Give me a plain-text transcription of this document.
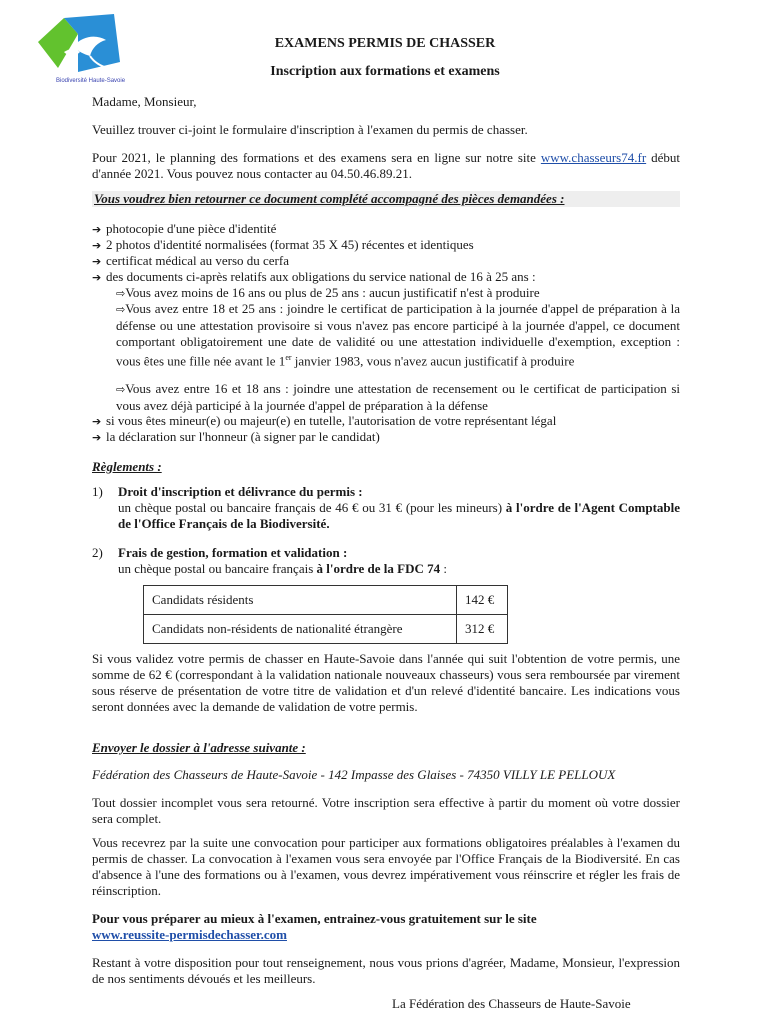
Biodiversité Haute-Savoie
EXAMENS PERMIS DE CHASSER
Inscription aux formations et examens
Madame, Monsieur,
Veuillez trouver ci-joint le formulaire d'inscription à l'examen du permis de chasser.
Pour 2021, le planning des formations et des examens sera en ligne sur notre site www.chasseurs74.fr début d'année 2021. Vous pouvez nous contacter au 04.50.46.89.21.
Vous voudrez bien retourner ce document complété accompagné des pièces demandées :
➔ photocopie d'une pièce d'identité
➔ 2 photos d'identité normalisées (format 35 X 45) récentes et identiques
➔ certificat médical au verso du cerfa
➔ des documents ci-après relatifs aux obligations du service national de 16 à 25 ans :
⇨Vous avez moins de 16 ans ou plus de 25 ans : aucun justificatif n'est à produire
⇨Vous avez entre 18 et 25 ans : joindre le certificat de participation à la journée d'appel de préparation à la défense ou une attestation provisoire si vous n'avez pas encore participé à la journée d'appel, ce document comportant obligatoirement une date de validité ou une attestation individuelle d'exemption, exception : vous êtes une fille née avant le 1er janvier 1983, vous n'avez aucun justificatif à produire
⇨Vous avez entre 16 et 18 ans : joindre une attestation de recensement ou le certificat de participation si vous avez déjà participé à la journée d'appel de préparation à la défense
➔ si vous êtes mineur(e) ou majeur(e) en tutelle, l'autorisation de votre représentant légal
➔ la déclaration sur l'honneur (à signer par le candidat)
Règlements :
1) Droit d'inscription et délivrance du permis :
un chèque postal ou bancaire français de 46 € ou 31 € (pour les mineurs) à l'ordre de l'Agent Comptable de l'Office Français de la Biodiversité.
2) Frais de gestion, formation et validation :
un chèque postal ou bancaire français à l'ordre de la FDC 74 :
Candidats résidents	142 €
Candidats non-résidents de nationalité étrangère	312 €
Si vous validez votre permis de chasser en Haute-Savoie dans l'année qui suit l'obtention de votre permis, une somme de 62 € (correspondant à la validation nationale nouveaux chasseurs) vous sera remboursée par virement sous réserve de présentation de votre titre de validation et d'un relevé d'identité bancaire. Les indications vous seront données avec la demande de validation de votre permis.
Envoyer le dossier à l'adresse suivante :
Fédération des Chasseurs de Haute-Savoie - 142 Impasse des Glaises - 74350 VILLY LE PELLOUX
Tout dossier incomplet vous sera retourné. Votre inscription sera effective à partir du moment où votre dossier sera complet.
Vous recevrez par la suite une convocation pour participer aux formations obligatoires préalables à l'examen du permis de chasser. La convocation à l'examen vous sera envoyée par l'Office Français de la Biodiversité. En cas d'absence à l'une des formations ou à l'examen, vous devrez impérativement vous réinscrire et régler les frais de réinscription.
Pour vous préparer au mieux à l'examen, entrainez-vous gratuitement sur le site
www.reussite-permisdechasser.com
Restant à votre disposition pour tout renseignement, nous vous prions d'agréer, Madame, Monsieur, l'expression de nos sentiments dévoués et les meilleurs.
La Fédération des Chasseurs de Haute-Savoie
